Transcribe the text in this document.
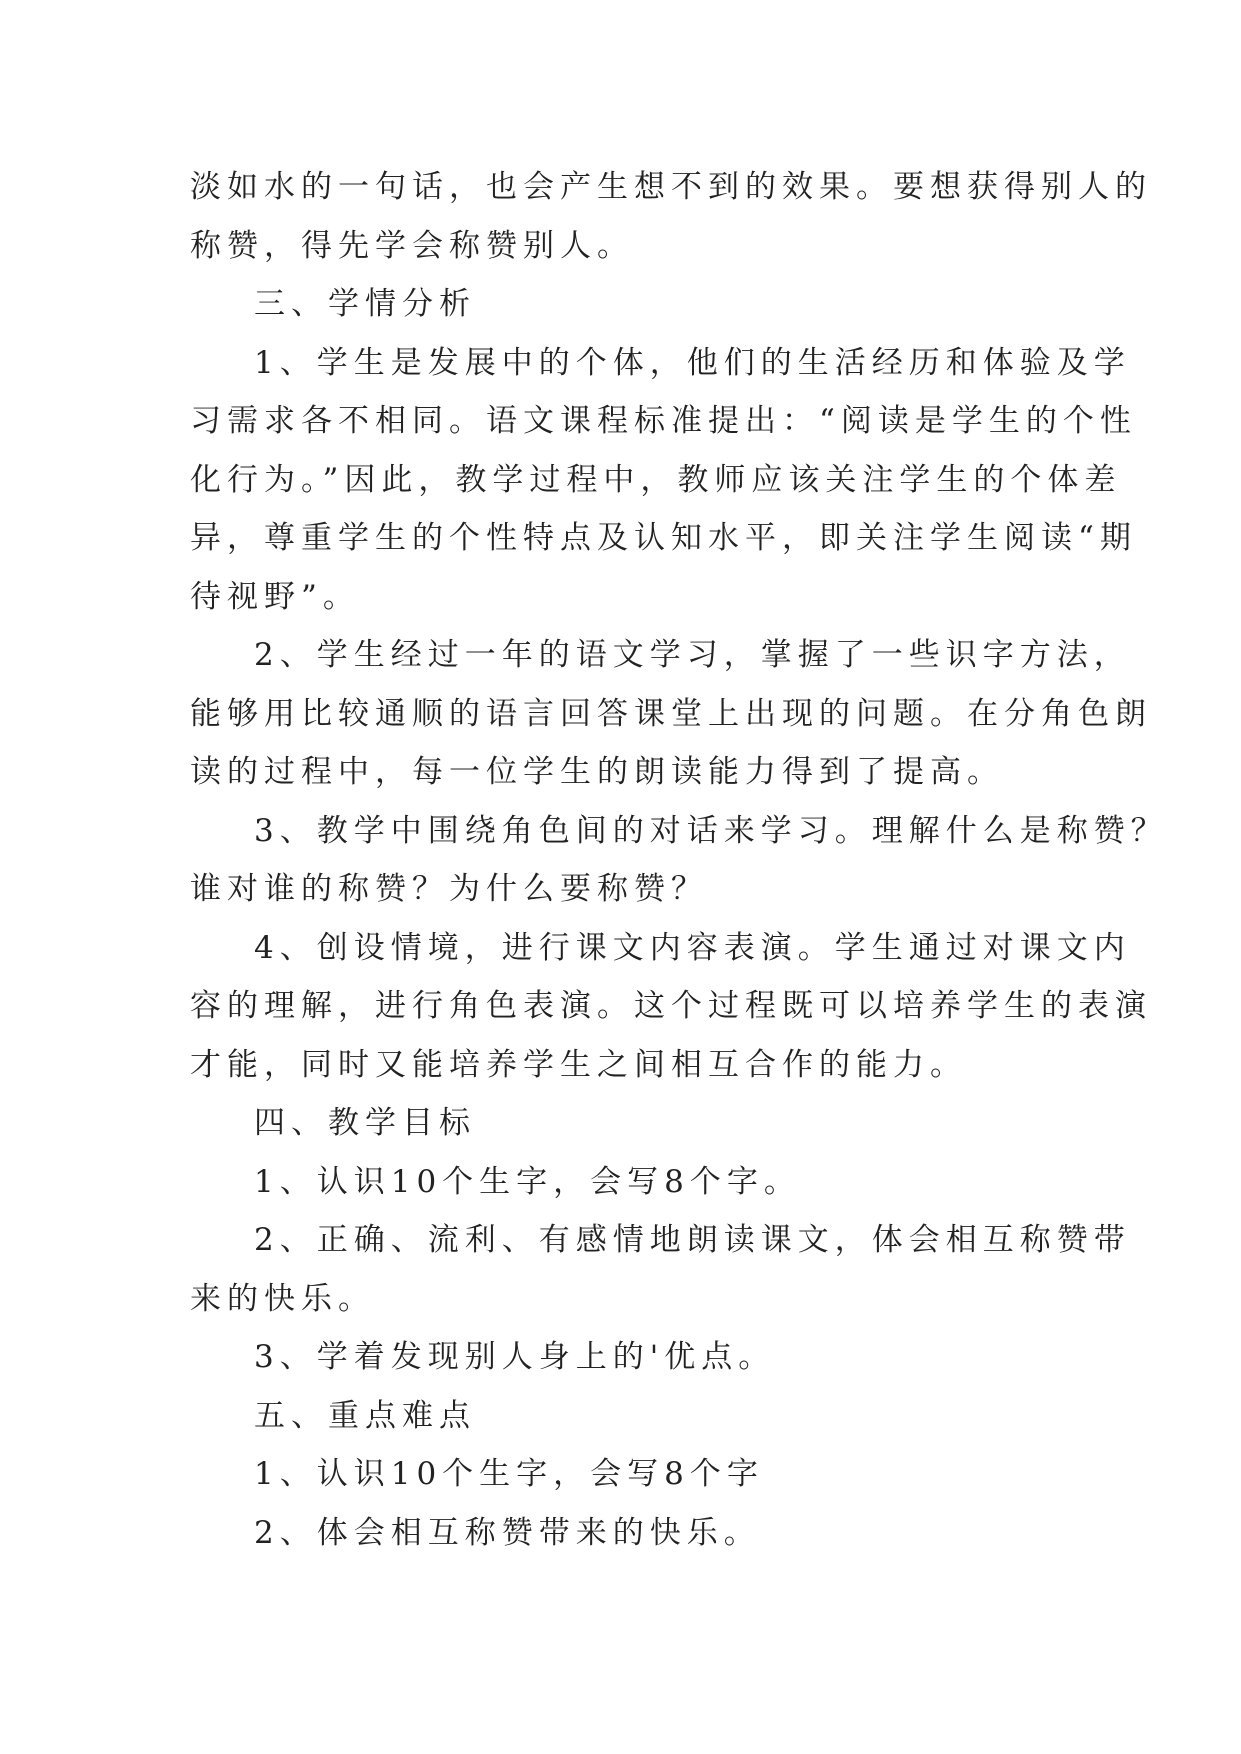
淡如水的一句话，也会产生想不到的效果。要想获得别人的
称赞，得先学会称赞别人。
三、学情分析
1、学生是发展中的个体，他们的生活经历和体验及学
习需求各不相同。语文课程标准提出：“阅读是学生的个性
化行为。”因此，教学过程中，教师应该关注学生的个体差
异，尊重学生的个性特点及认知水平，即关注学生阅读“期
待视野”。
2、学生经过一年的语文学习，掌握了一些识字方法，
能够用比较通顺的语言回答课堂上出现的问题。在分角色朗
读的过程中，每一位学生的朗读能力得到了提高。
3、教学中围绕角色间的对话来学习。理解什么是称赞？
谁对谁的称赞？为什么要称赞？
4、创设情境，进行课文内容表演。学生通过对课文内
容的理解，进行角色表演。这个过程既可以培养学生的表演
才能，同时又能培养学生之间相互合作的能力。
四、教学目标
1、认识10个生字，会写8个字。
2、正确、流利、有感情地朗读课文，体会相互称赞带
来的快乐。
3、学着发现别人身上的'优点。
五、重点难点
1、认识10个生字，会写8个字
2、体会相互称赞带来的快乐。
